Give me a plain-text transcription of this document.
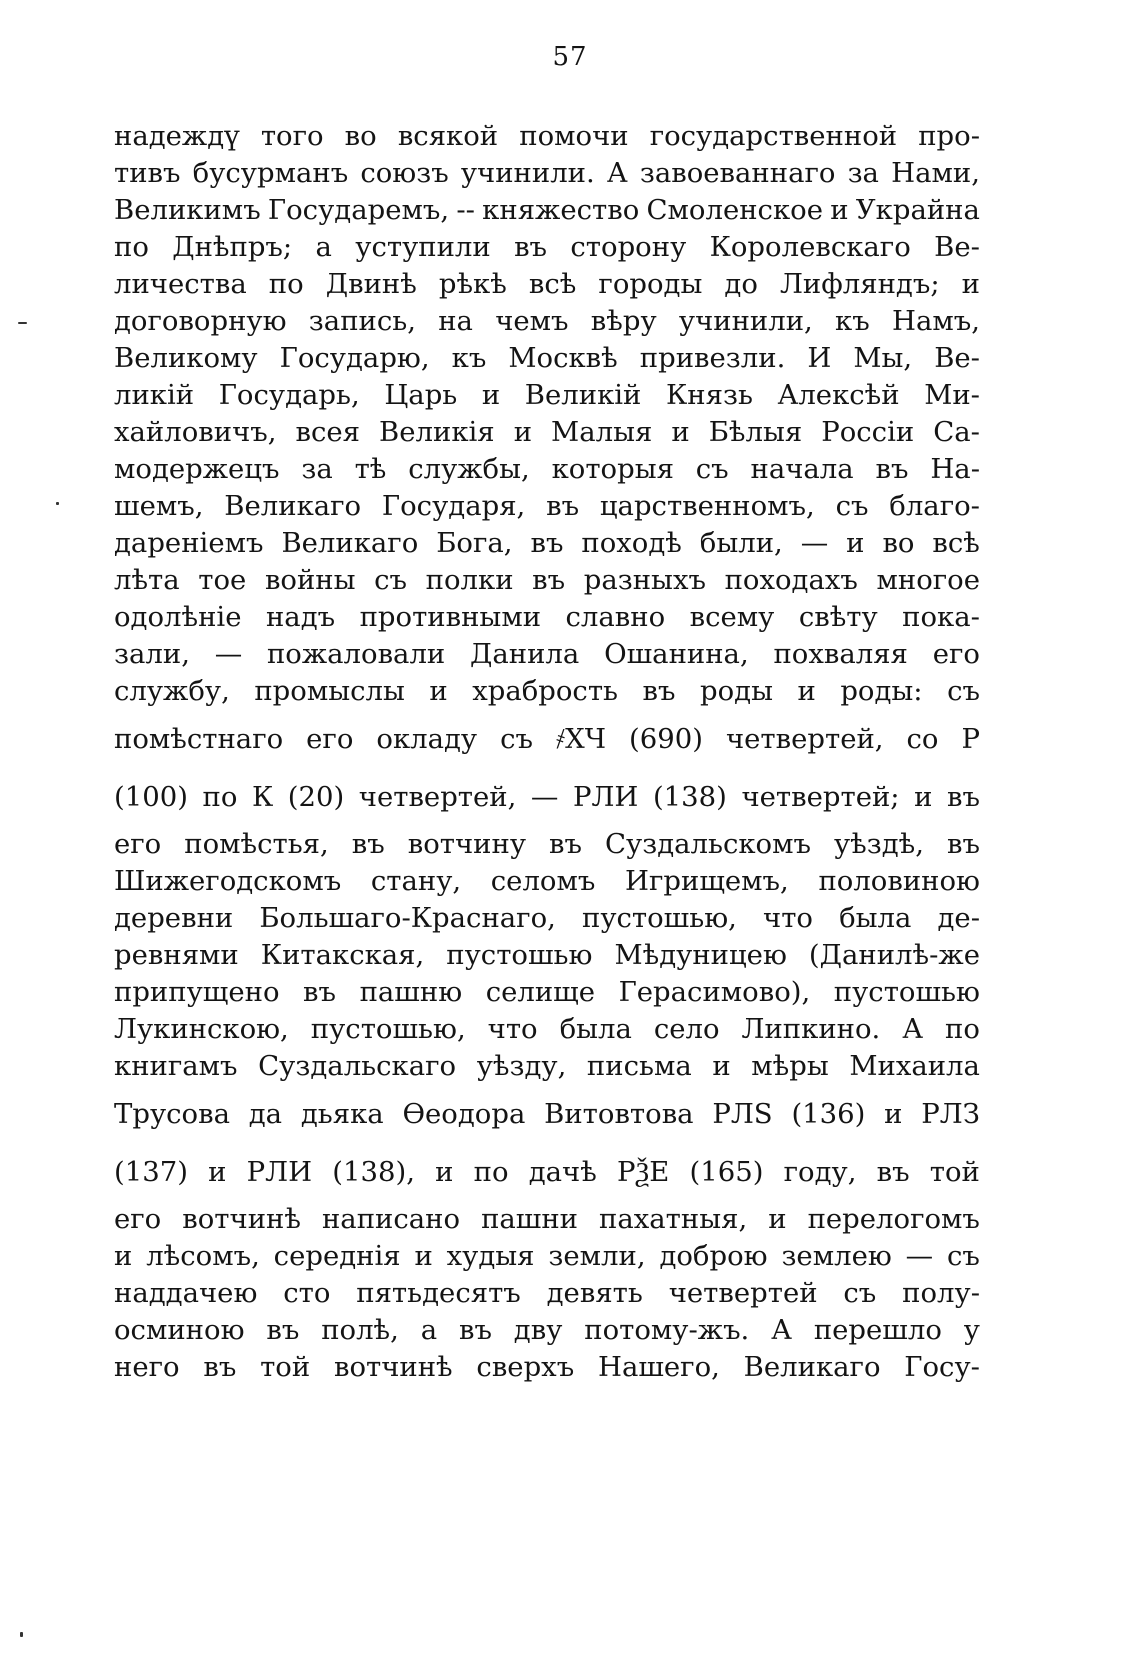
57
надеждү того во всякой помочи государственной про-
тивъ бусурманъ союзъ учинили. А завоеваннаго за Нами,
Великимъ Государемъ, -- княжество Смоленское и Украйна
по Днѣпръ; а уступили въ сторону Королевскаго Ве-
личества по Двинѣ рѣкѣ всѣ городы до Лифляндъ; и
договорную запись, на чемъ вѣру учинили, къ Намъ,
Великому Государю, къ Москвѣ привезли. И Мы, Ве-
ликій Государь, Царь и Великій Князь Алексѣй Ми-
хайловичъ, всея Великія и Малыя и Бѣлыя Россіи Са-
модержецъ за тѣ службы, которыя съ начала въ На-
шемъ, Великаго Государя, въ царственномъ, съ благо-
дареніемъ Великаго Бога, въ походѣ были, — и во всѣ
лѣта тое войны съ полки въ разныхъ походахъ многое
одолѣніе надъ противными славно всему свѣту пока-
зали, — пожаловали Данила Ошанина, похваляя его
службу, промыслы и храбрость въ роды и роды: съ
помѣстнаго его окладу съ ҂ХЧ (690) четвертей, со Р
(100) по К (20) четвертей, — РЛИ (138) четвертей; и въ
его помѣстья, въ вотчину въ Суздальскомъ уѣздѣ, въ
Шижегодскомъ стану, селомъ Игрищемъ, половиною
деревни Большаго-Краснаго, пустошью, что была де-
ревнями Китакская, пустошью Мѣдуницею (Данилѣ-же
припущено въ пашню селище Герасимово), пустошью
Лукинскою, пустошью, что была село Липкино. А по
книгамъ Суздальскаго уѣзду, письма и мѣры Михаила
Трусова да дьяка Ѳеодора Витовтова РЛS (136) и РЛЗ
(137) и РЛИ (138), и по дачѣ РѮЕ (165) году, въ той
его вотчинѣ написано пашни пахатныя, и перелогомъ
и лѣсомъ, середнія и худыя земли, доброю землею — съ
наддачею сто пятьдесятъ девять четвертей съ полу-
осминою въ полѣ, а въ дву потому-жъ. А перешло у
него въ той вотчинѣ сверхъ Нашего, Великаго Госу-
